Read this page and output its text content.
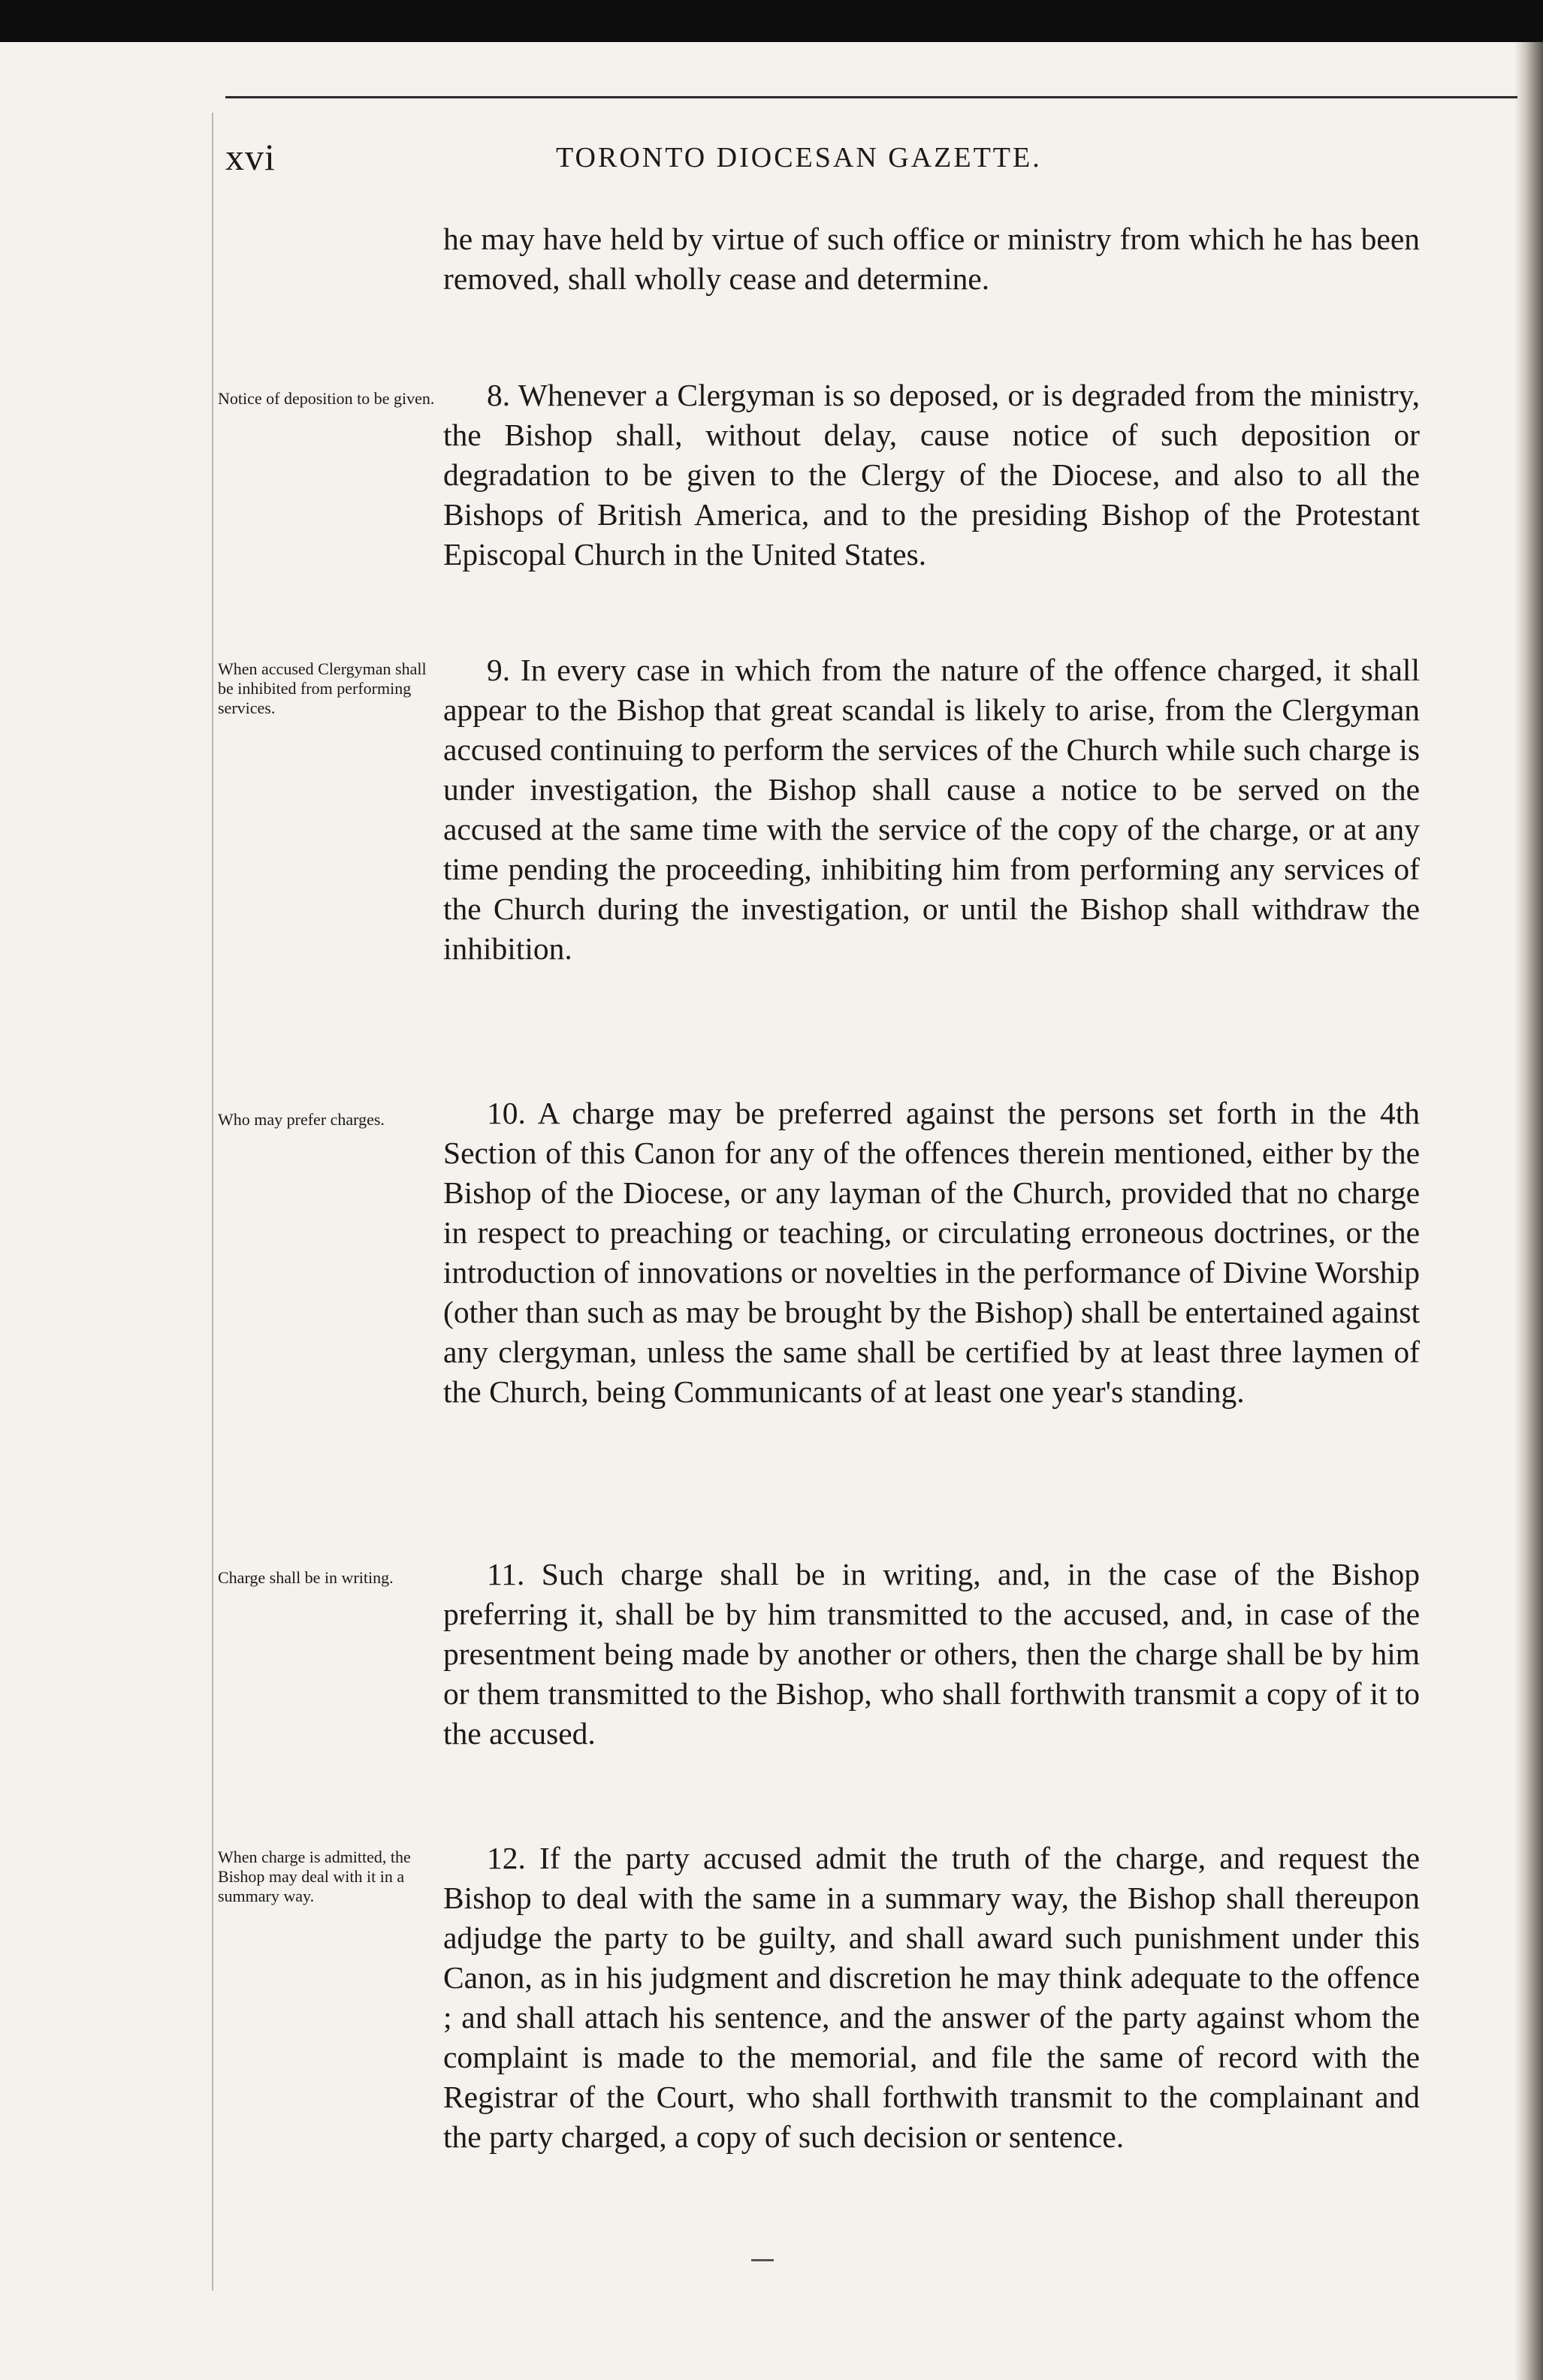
xvi	TORONTO DIOCESAN GAZETTE.
he may have held by virtue of such office or ministry from which he has been removed, shall wholly cease and determine.
Notice of deposition to be given.	8. Whenever a Clergyman is so deposed, or is degraded from the ministry, the Bishop shall, without delay, cause notice of such deposition or degradation to be given to the Clergy of the Diocese, and also to all the Bishops of British America, and to the presiding Bishop of the Protestant Episcopal Church in the United States.
When accused Clergyman shall be inhibited from performing services.
9. In every case in which from the nature of the offence charged, it shall appear to the Bishop that great scandal is likely to arise, from the Clergyman accused continuing to perform the services of the Church while such charge is under investigation, the Bishop shall cause a notice to be served on the accused at the same time with the service of the copy of the charge, or at any time pending the proceeding, inhibiting him from performing any services of the Church during the investigation, or until the Bishop shall withdraw the inhibition.
Who may prefer charges.	10. A charge may be preferred against the persons set forth in the 4th Section of this Canon for any of the offences therein mentioned, either by the Bishop of the Diocese, or any layman of the Church, provided that no charge in respect to preaching or teaching, or circulating erroneous doctrines, or the introduction of innovations or novelties in the performance of Divine Worship (other than such as may be brought by the Bishop) shall be entertained against any clergyman, unless the same shall be certified by at least three laymen of the Church, being Communicants of at least one year's standing.
Charge shall be in writing.	11. Such charge shall be in writing, and, in the case of the Bishop preferring it, shall be by him transmitted to the accused, and, in case of the presentment being made by another or others, then the charge shall be by him or them transmitted to the Bishop, who shall forthwith transmit a copy of it to the accused.
When charge is admitted, the Bishop may deal with it in a summary way.
12. If the party accused admit the truth of the charge, and request the Bishop to deal with the same in a summary way, the Bishop shall thereupon adjudge the party to be guilty, and shall award such punishment under this Canon, as in his judgment and discretion he may think adequate to the offence ; and shall attach his sentence, and the answer of the party against whom the complaint is made to the memorial, and file the same of record with the Registrar of the Court, who shall forthwith transmit to the complainant and the party charged, a copy of such decision or sentence.
